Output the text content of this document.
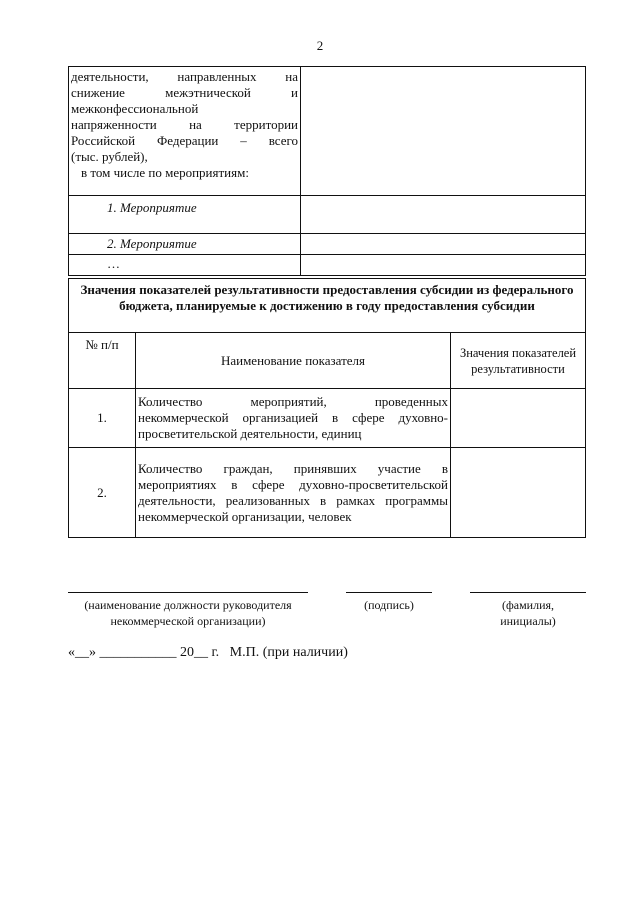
2
деятельности, направленных на
снижение межэтнической и
межконфессиональной
напряженности на территории
Российской Федерации – всего
(тыс. рублей),
в том числе по мероприятиям:
1. Мероприятие
2. Мероприятие
…
Значения показателей результативности предоставления субсидии из федерального бюджета, планируемые к достижению в году предоставления субсидии
№ п/п	Наименование показателя	Значения показателей результативности
1.	Количество мероприятий, проведенных некоммерческой организацией в сфере духовно-просветительской деятельности, единиц	
2.	Количество граждан, принявших участие в мероприятиях в сфере духовно-просветительской деятельности, реализованных в рамках программы некоммерческой организации, человек	
(наименование должности руководителя некоммерческой организации)
(подпись)	(фамилия, инициалы)
«__» ___________ 20__ г.   М.П. (при наличии)
